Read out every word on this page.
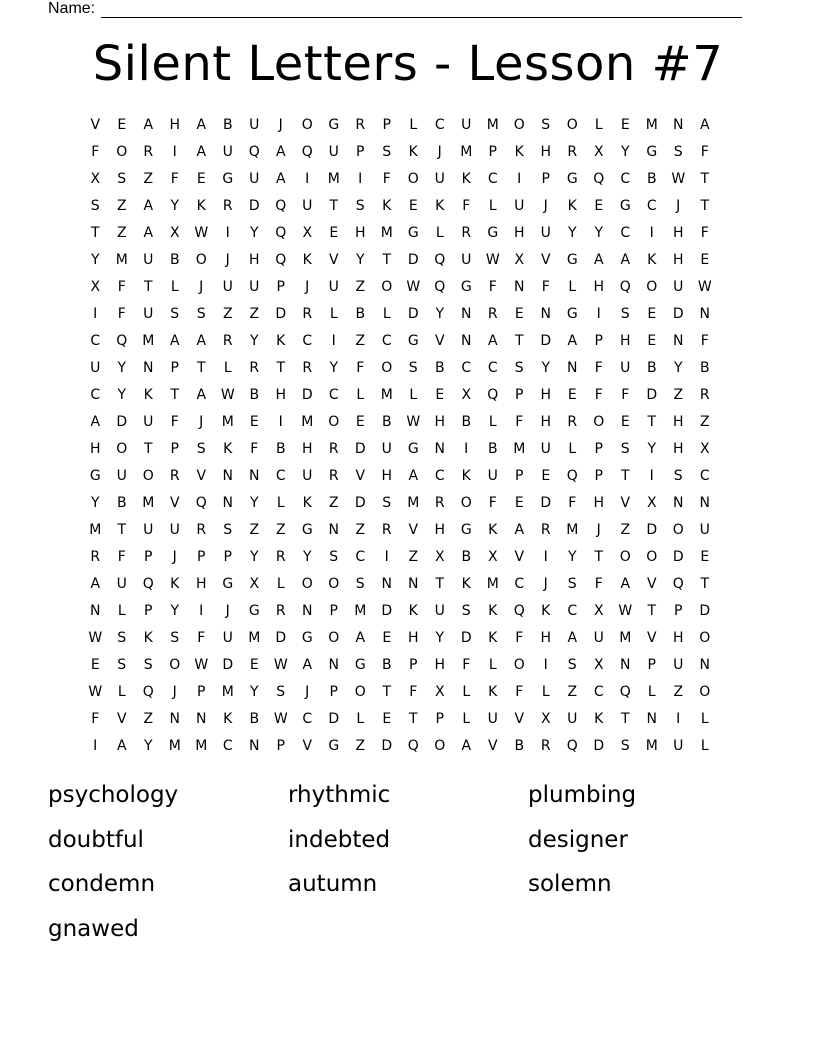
Name:
Silent Letters - Lesson #7
V	E	A	H	A	B	U	J	O	G	R	P	L	C	U	M	O	S	O	L	E	M	N	A
F	O	R	I	A	U	Q	A	Q	U	P	S	K	J	M	P	K	H	R	X	Y	G	S	F
X	S	Z	F	E	G	U	A	I	M	I	F	O	U	K	C	I	P	G	Q	C	B	W	T
S	Z	A	Y	K	R	D	Q	U	T	S	K	E	K	F	L	U	J	K	E	G	C	J	T
T	Z	A	X	W	I	Y	Q	X	E	H	M	G	L	R	G	H	U	Y	Y	C	I	H	F
Y	M	U	B	O	J	H	Q	K	V	Y	T	D	Q	U	W	X	V	G	A	A	K	H	E
X	F	T	L	J	U	U	P	J	U	Z	O	W	Q	G	F	N	F	L	H	Q	O	U	W
I	F	U	S	S	Z	Z	D	R	L	B	L	D	Y	N	R	E	N	G	I	S	E	D	N
C	Q	M	A	A	R	Y	K	C	I	Z	C	G	V	N	A	T	D	A	P	H	E	N	F
U	Y	N	P	T	L	R	T	R	Y	F	O	S	B	C	C	S	Y	N	F	U	B	Y	B
C	Y	K	T	A	W	B	H	D	C	L	M	L	E	X	Q	P	H	E	F	F	D	Z	R
A	D	U	F	J	M	E	I	M	O	E	B	W	H	B	L	F	H	R	O	E	T	H	Z
H	O	T	P	S	K	F	B	H	R	D	U	G	N	I	B	M	U	L	P	S	Y	H	X
G	U	O	R	V	N	N	C	U	R	V	H	A	C	K	U	P	E	Q	P	T	I	S	C
Y	B	M	V	Q	N	Y	L	K	Z	D	S	M	R	O	F	E	D	F	H	V	X	N	N
M	T	U	U	R	S	Z	Z	G	N	Z	R	V	H	G	K	A	R	M	J	Z	D	O	U
R	F	P	J	P	P	Y	R	Y	S	C	I	Z	X	B	X	V	I	Y	T	O	O	D	E
A	U	Q	K	H	G	X	L	O	O	S	N	N	T	K	M	C	J	S	F	A	V	Q	T
N	L	P	Y	I	J	G	R	N	P	M	D	K	U	S	K	Q	K	C	X	W	T	P	D
W	S	K	S	F	U	M	D	G	O	A	E	H	Y	D	K	F	H	A	U	M	V	H	O
E	S	S	O	W	D	E	W	A	N	G	B	P	H	F	L	O	I	S	X	N	P	U	N
W	L	Q	J	P	M	Y	S	J	P	O	T	F	X	L	K	F	L	Z	C	Q	L	Z	O
F	V	Z	N	N	K	B	W	C	D	L	E	T	P	L	U	V	X	U	K	T	N	I	L
I	A	Y	M	M	C	N	P	V	G	Z	D	Q	O	A	V	B	R	Q	D	S	M	U	L
psychology	rhythmic	plumbing
doubtful	indebted	designer
condemn	autumn	solemn
gnawed
